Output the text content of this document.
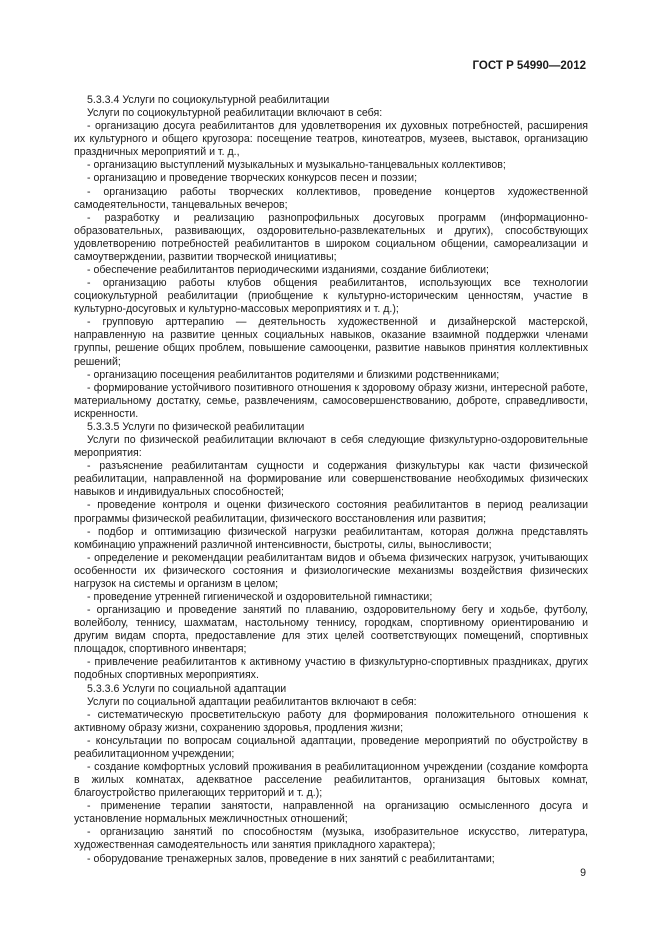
ГОСТ Р 54990—2012

5.3.3.4 Услуги по социокультурной реабилитации

Услуги по социокультурной реабилитации включают в себя:

- организацию досуга реабилитантов для удовлетворения их духовных потребностей, расширения их культурного и общего кругозора: посещение театров, кинотеатров, музеев, выставок, организацию праздничных мероприятий и т. д.,

- организацию выступлений музыкальных и музыкально-танцевальных коллективов;

- организацию и проведение творческих конкурсов песен и поэзии;

- организацию работы творческих коллективов, проведение концертов художественной самодеятельности, танцевальных вечеров;

- разработку и реализацию разнопрофильных досуговых программ (информационно-образовательных, развивающих, оздоровительно-развлекательных и других), способствующих удовлетворению потребностей реабилитантов в широком социальном общении, самореализации и самоутверждении, развитии творческой инициативы;

- обеспечение реабилитантов периодическими изданиями, создание библиотеки;

- организацию работы клубов общения реабилитантов, использующих все технологии социокультурной реабилитации (приобщение к культурно-историческим ценностям, участие в культурно-досуговых и культурно-массовых мероприятиях и т. д.);

- групповую арттерапию — деятельность художественной и дизайнерской мастерской, направленную на развитие ценных социальных навыков, оказание взаимной поддержки членами группы, решение общих проблем, повышение самооценки, развитие навыков принятия коллективных решений;

- организацию посещения реабилитантов родителями и близкими родственниками;

- формирование устойчивого позитивного отношения к здоровому образу жизни, интересной работе, материальному достатку, семье, развлечениям, самосовершенствованию, доброте, справедливости, искренности.

5.3.3.5 Услуги по физической реабилитации

Услуги по физической реабилитации включают в себя следующие физкультурно-оздоровительные мероприятия:

- разъяснение реабилитантам сущности и содержания физкультуры как части физической реабилитации, направленной на формирование или совершенствование необходимых физических навыков и индивидуальных способностей;

- проведение контроля и оценки физического состояния реабилитантов в период реализации программы физической реабилитации, физического восстановления или развития;

- подбор и оптимизацию физической нагрузки реабилитантам, которая должна представлять комбинацию упражнений различной интенсивности, быстроты, силы, выносливости;

- определение и рекомендации реабилитантам видов и объема физических нагрузок, учитывающих особенности их физического состояния и физиологические механизмы воздействия физических нагрузок на системы и организм в целом;

- проведение утренней гигиенической и оздоровительной гимнастики;

- организацию и проведение занятий по плаванию, оздоровительному бегу и ходьбе, футболу, волейболу, теннису, шахматам, настольному теннису, городкам, спортивному ориентированию и другим видам спорта, предоставление для этих целей соответствующих помещений, спортивных площадок, спортивного инвентаря;

- привлечение реабилитантов к активному участию в физкультурно-спортивных праздниках, других подобных спортивных мероприятиях.

5.3.3.6 Услуги по социальной адаптации

Услуги по социальной адаптации реабилитантов включают в себя:

- систематическую просветительскую работу для формирования положительного отношения к активному образу жизни, сохранению здоровья, продления жизни;

- консультации по вопросам социальной адаптации, проведение мероприятий по обустройству в реабилитационном учреждении;

- создание комфортных условий проживания в реабилитационном учреждении (создание комфорта в жилых комнатах, адекватное расселение реабилитантов, организация бытовых комнат, благоустройство прилегающих территорий и т. д.);

- применение терапии занятости, направленной на организацию осмысленного досуга и установление нормальных межличностных отношений;

- организацию занятий по способностям (музыка, изобразительное искусство, литература, художественная самодеятельность или занятия прикладного характера);

- оборудование тренажерных залов, проведение в них занятий с реабилитантами;

9
